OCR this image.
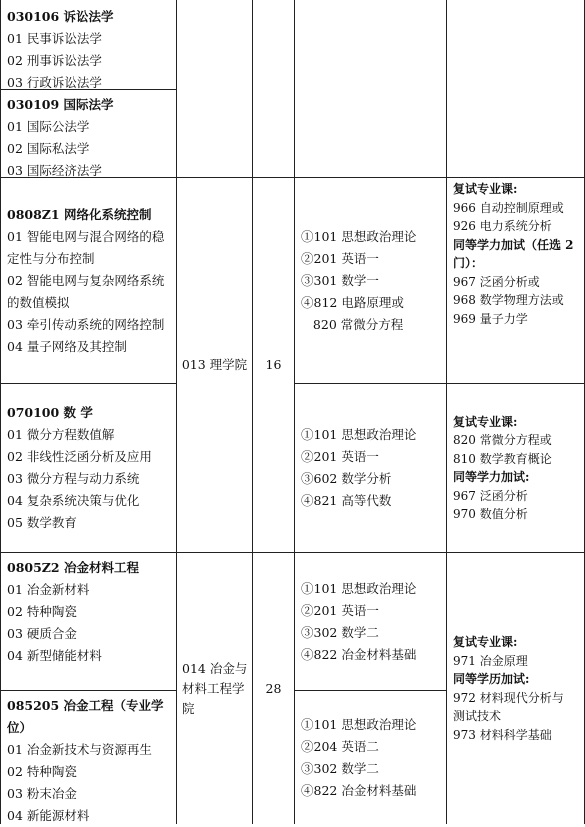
030106 诉讼法学
01 民事诉讼法学
02 刑事诉讼法学
03 行政诉讼法学
030109 国际法学
01 国际公法学
02 国际私法学
03 国际经济法学
0808Z1 网络化系统控制
01 智能电网与混合网络的稳
定性与分布控制
02 智能电网与复杂网络系统
的数值模拟
03 牵引传动系统的网络控制
04 量子网络及其控制
070100 数 学
01 微分方程数值解
02 非线性泛函分析及应用
03 微分方程与动力系统
04 复杂系统决策与优化
05 数学教育
0805Z2 冶金材料工程
01 冶金新材料
02 特种陶瓷
03 硬质合金
04 新型储能材料
085205 冶金工程（专业学位）
01 冶金新技术与资源再生
02 特种陶瓷
03 粉末冶金
04 新能源材料
013 理学院 16
014 冶金与
材料工程学
院
28
①101 思想政治理论
②201 英语一
③301 数学一
④812 电路原理或
820 常微分方程
①101 思想政治理论
②201 英语一
③602 数学分析
④821 高等代数
①101 思想政治理论
②201 英语一
③302 数学二
④822 冶金材料基础
①101 思想政治理论
②204 英语二
③302 数学二
④822 冶金材料基础
复试专业课:
966 自动控制原理或
926 电力系统分析
同等学力加试（任选 2
门）：
967 泛函分析或
968 数学物理方法或
969 量子力学
复试专业课:
820 常微分方程或
810 数学教育概论
同等学力加试:
967 泛函分析
970 数值分析
复试专业课:
971 冶金原理
同等学历加试:
972 材料现代分析与
测试技术
973 材料科学基础
